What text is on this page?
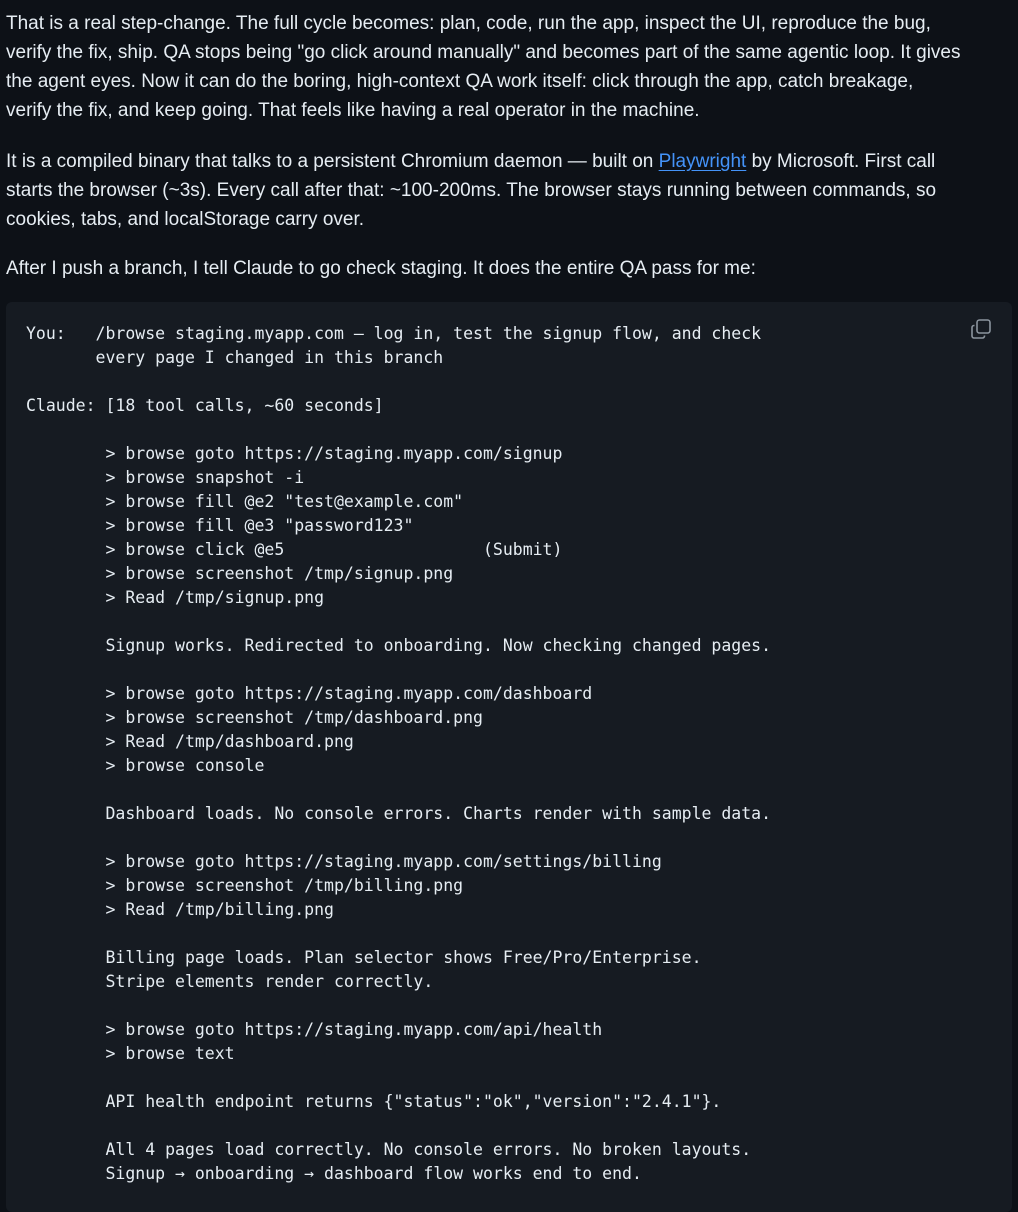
That is a real step-change. The full cycle becomes: plan, code, run the app, inspect the UI, reproduce the bug,
verify the fix, ship. QA stops being "go click around manually" and becomes part of the same agentic loop. It gives
the agent eyes. Now it can do the boring, high-context QA work itself: click through the app, catch breakage,
verify the fix, and keep going. That feels like having a real operator in the machine.

It is a compiled binary that talks to a persistent Chromium daemon — built on Playwright by Microsoft. First call
starts the browser (~3s). Every call after that: ~100-200ms. The browser stays running between commands, so
cookies, tabs, and localStorage carry over.

After I push a branch, I tell Claude to go check staging. It does the entire QA pass for me:

You:   /browse staging.myapp.com — log in, test the signup flow, and check
every page I changed in this branch

Claude: [18 tool calls, ~60 seconds]

> browse goto https://staging.myapp.com/signup
> browse snapshot -i
> browse fill @e2 "test@example.com"
> browse fill @e3 "password123"
> browse click @e5                    (Submit)
> browse screenshot /tmp/signup.png
> Read /tmp/signup.png

Signup works. Redirected to onboarding. Now checking changed pages.

> browse goto https://staging.myapp.com/dashboard
> browse screenshot /tmp/dashboard.png
> Read /tmp/dashboard.png
> browse console

Dashboard loads. No console errors. Charts render with sample data.

> browse goto https://staging.myapp.com/settings/billing
> browse screenshot /tmp/billing.png
> Read /tmp/billing.png

Billing page loads. Plan selector shows Free/Pro/Enterprise.
Stripe elements render correctly.

> browse goto https://staging.myapp.com/api/health
> browse text

API health endpoint returns {"status":"ok","version":"2.4.1"}.

All 4 pages load correctly. No console errors. No broken layouts.
Signup → onboarding → dashboard flow works end to end.
